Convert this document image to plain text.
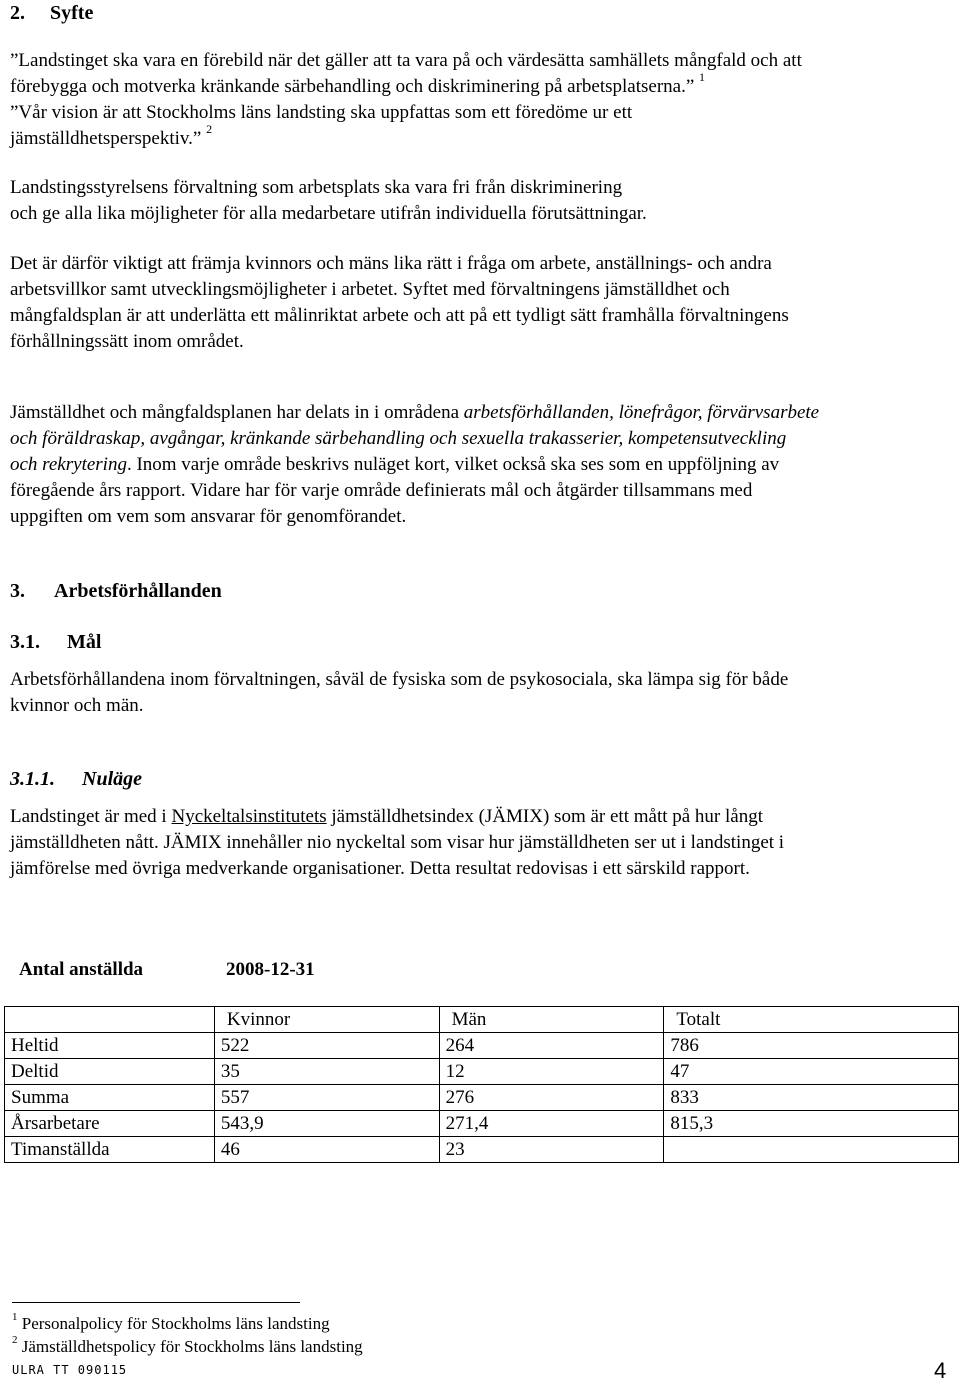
2. Syfte
”Landstinget ska vara en förebild när det gäller att ta vara på och värdesätta samhällets mångfald och att
förebygga och motverka kränkande särbehandling och diskriminering på arbetsplatserna.” $^1$
”Vår vision är att Stockholms läns landsting ska uppfattas som ett föredöme ur ett
jämställdhetsperspektiv.” $^2$
Landstingsstyrelsens förvaltning som arbetsplats ska vara fri från diskriminering
och ge alla lika möjligheter för alla medarbetare utifrån individuella förutsättningar.
Det är därför viktigt att främja kvinnors och mäns lika rätt i fråga om arbete, anställnings- och andra
arbetsvillkor samt utvecklingsmöjligheter i arbetet. Syftet med förvaltningens jämställdhet och
mångfaldsplan är att underlätta ett målinriktat arbete och att på ett tydligt sätt framhålla förvaltningens
förhållningssätt inom området.
Jämställdhet och mångfaldsplanen har delats in i områdena arbetsförhållanden, lönefrågor, förvärvsarbete
och föräldraskap, avgångar, kränkande särbehandling och sexuella trakasserier, kompetensutveckling
och rekrytering. Inom varje område beskrivs nuläget kort, vilket också ska ses som en uppföljning av
föregående års rapport. Vidare har för varje område definierats mål och åtgärder tillsammans med
uppgiften om vem som ansvarar för genomförandet.
3. Arbetsförhållanden
3.1. Mål
Arbetsförhållandena inom förvaltningen, såväl de fysiska som de psykosociala, ska lämpa sig för både
kvinnor och män.
3.1.1. Nuläge
Landstinget är med i Nyckeltalsinstitutets jämställdhetsindex (JÄMIX) som är ett mått på hur långt
jämställdheten nått. JÄMIX innehåller nio nyckeltal som visar hur jämställdheten ser ut i landstinget i
jämförelse med övriga medverkande organisationer. Detta resultat redovisas i ett särskild rapport.
Antal anställda	2008-12-31
	Kvinnor	Män	Totalt
Heltid	522	264	786
Deltid	35	12	47
Summa	557	276	833
Årsarbetare	543,9	271,4	815,3
Timanställda	46	23	
$^1$ Personalpolicy för Stockholms läns landsting
$^2$ Jämställdhetspolicy för Stockholms läns landsting
ULRA TT 090115	4
